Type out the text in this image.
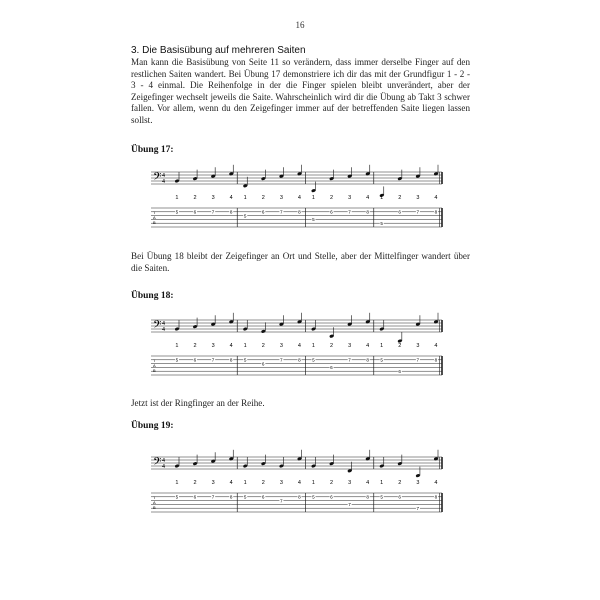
16
3. Die Basisübung auf mehreren Saiten
Man kann die Basisübung von Seite 11 so verändern, dass immer derselbe Finger auf den restlichen Saiten wandert. Bei Übung 17 demonstriere ich dir das mit der Grundfigur 1 - 2 - 3 - 4 einmal. Die Reihenfolge in der die Finger spielen bleibt unverändert, aber der Zeigefinger wechselt jeweils die Saite. Wahrscheinlich wird dir die Übung ab Takt 3 schwer fallen. Vor allem, wenn du den Zeigefinger immer auf der betreffenden Saite liegen lassen sollst.
Übung 17:
𝄢 4
4
T
A
B
1
5
2
6
3
7
4
8
1
5
2
6
3
7
4
8
1
5
2
6
3
7
4
8
1
5
2
6
3
7
4
8
Bei Übung 18 bleibt der Zeigefinger an Ort und Stelle, aber der Mittelfinger wandert über die Saiten.
Übung 18:
𝄢 4
4
T
A
B
1
5
2
6
3
7
4
8
1
5
2
6
3
7
4
8
1
5
2
6
3
7
4
8
1
5
2
6
3
7
4
8
Jetzt ist der Ringfinger an der Reihe.
Übung 19:
𝄢 4
4
T
A
B
1
5
2
6
3
7
4
8
1
5
2
6
3
7
4
8
1
5
2
6
3
7
4
8
1
5
2
6
3
7
4
8
